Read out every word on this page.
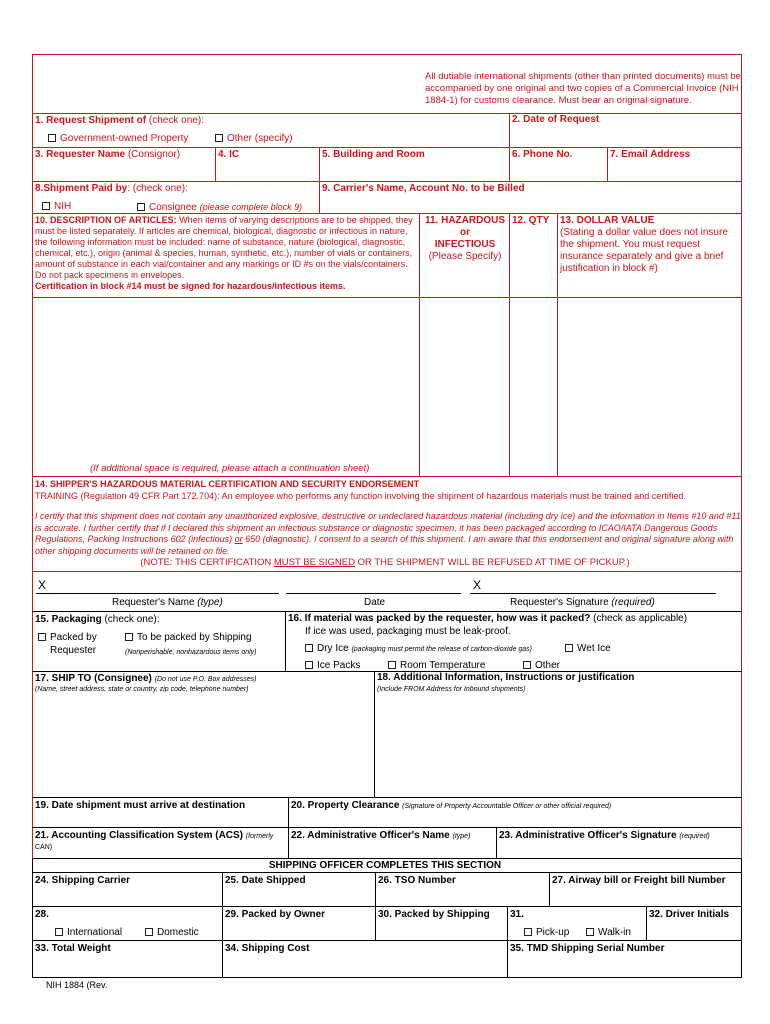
All dutiable international shipments (other than printed documents) must be accompanied by one original and two copies of a Commercial Invoice (NIH 1884-1) for customs clearance. Must bear an original signature.
1. Request Shipment of (check one):	2. Date of Request
Government-owned Property	Other (specify)
3. Requester Name (Consignor)	4. IC	5. Building and Room	6. Phone No.	7. Email Address
8.Shipment Paid by: (check one):	9. Carrier's Name, Account No. to be Billed
NIH	Consignee (please complete block 9)
10. DESCRIPTION OF ARTICLES: When items of varying descriptions are to be shipped, they must be listed separately. If articles are chemical, biological, diagnostic or infectious in nature, the following information must be included: name of substance, nature (biological, diagnostic, chemical, etc.), origin (animal & species, human, synthetic, etc.), number of vials or containers, amount of substance in each vial/container and any markings or ID #s on the vials/containers. Do not pack specimens in envelopes.
Certification in block #14 must be signed for hazardous/infectious items.
11. HAZARDOUS
or
INFECTIOUS
(Please Specify)
12. QTY 13. DOLLAR VALUE
(Stating a dollar value does not insure the shipment. You must request insurance separately and give a brief justification in block #)
(If additional space is required, please attach a continuation sheet)
14. SHIPPER'S HAZARDOUS MATERIAL CERTIFICATION AND SECURITY ENDORSEMENT
TRAINING (Regulation 49 CFR Part 172.704): An employee who performs any function involving the shipment of hazardous materials must be trained and certified.
I certify that this shipment does not contain any unauthorized explosive, destructive or undeclared hazardous material (including dry ice) and the information in Items #10 and #11 is accurate. I further certify that if I declared this shipment an infectious substance or diagnostic specimen, it has been packaged according to ICAO/IATA Dangerous Goods Regulations, Packing Instructions 602 (infectious) or 650 (diagnostic). I consent to a search of this shipment. I am aware that this endorsement and original signature along with other shipping documents will be retained on file.
(NOTE: THIS CERTIFICATION MUST BE SIGNED OR THE SHIPMENT WILL BE REFUSED AT TIME OF PICKUP.)
X	X
Requester's Name (type)	Date	Requester's Signature (required)
15. Packaging (check one):
Packed by
Requester
To be packed by Shipping
(Nonperishable, nonhazardous items only)
16. If material was packed by the requester, how was it packed? (check as applicable)
If ice was used, packaging must be leak-proof.
Dry Ice (packaging must permit the release of carbon-dioxide gas)	Wet Ice
Ice Packs	Room Temperature	Other
17. SHIP TO (Consignee) (Do not use P.O. Box addresses)
(Name, street address, state or country, zip code, telephone number)
18. Additional Information, Instructions or justification
(Include FROM Address for Inbound shipments)
19. Date shipment must arrive at destination	20. Property Clearance (Signature of Property Accountable Officer or other official required)
21. Accounting Classification System (ACS) (formerly
CAN)
22. Administrative Officer's Name (type)	23. Administrative Officer's Signature (required)
SHIPPING OFFICER COMPLETES THIS SECTION
24. Shipping Carrier	25. Date Shipped	26. TSO Number	27. Airway bill or Freight bill Number
28.
International	Domestic
29. Packed by Owner	30. Packed by Shipping 31.
Pick-up	Walk-in
32. Driver Initials
33. Total Weight	34. Shipping Cost	35. TMD Shipping Serial Number
NIH 1884 (Rev.
